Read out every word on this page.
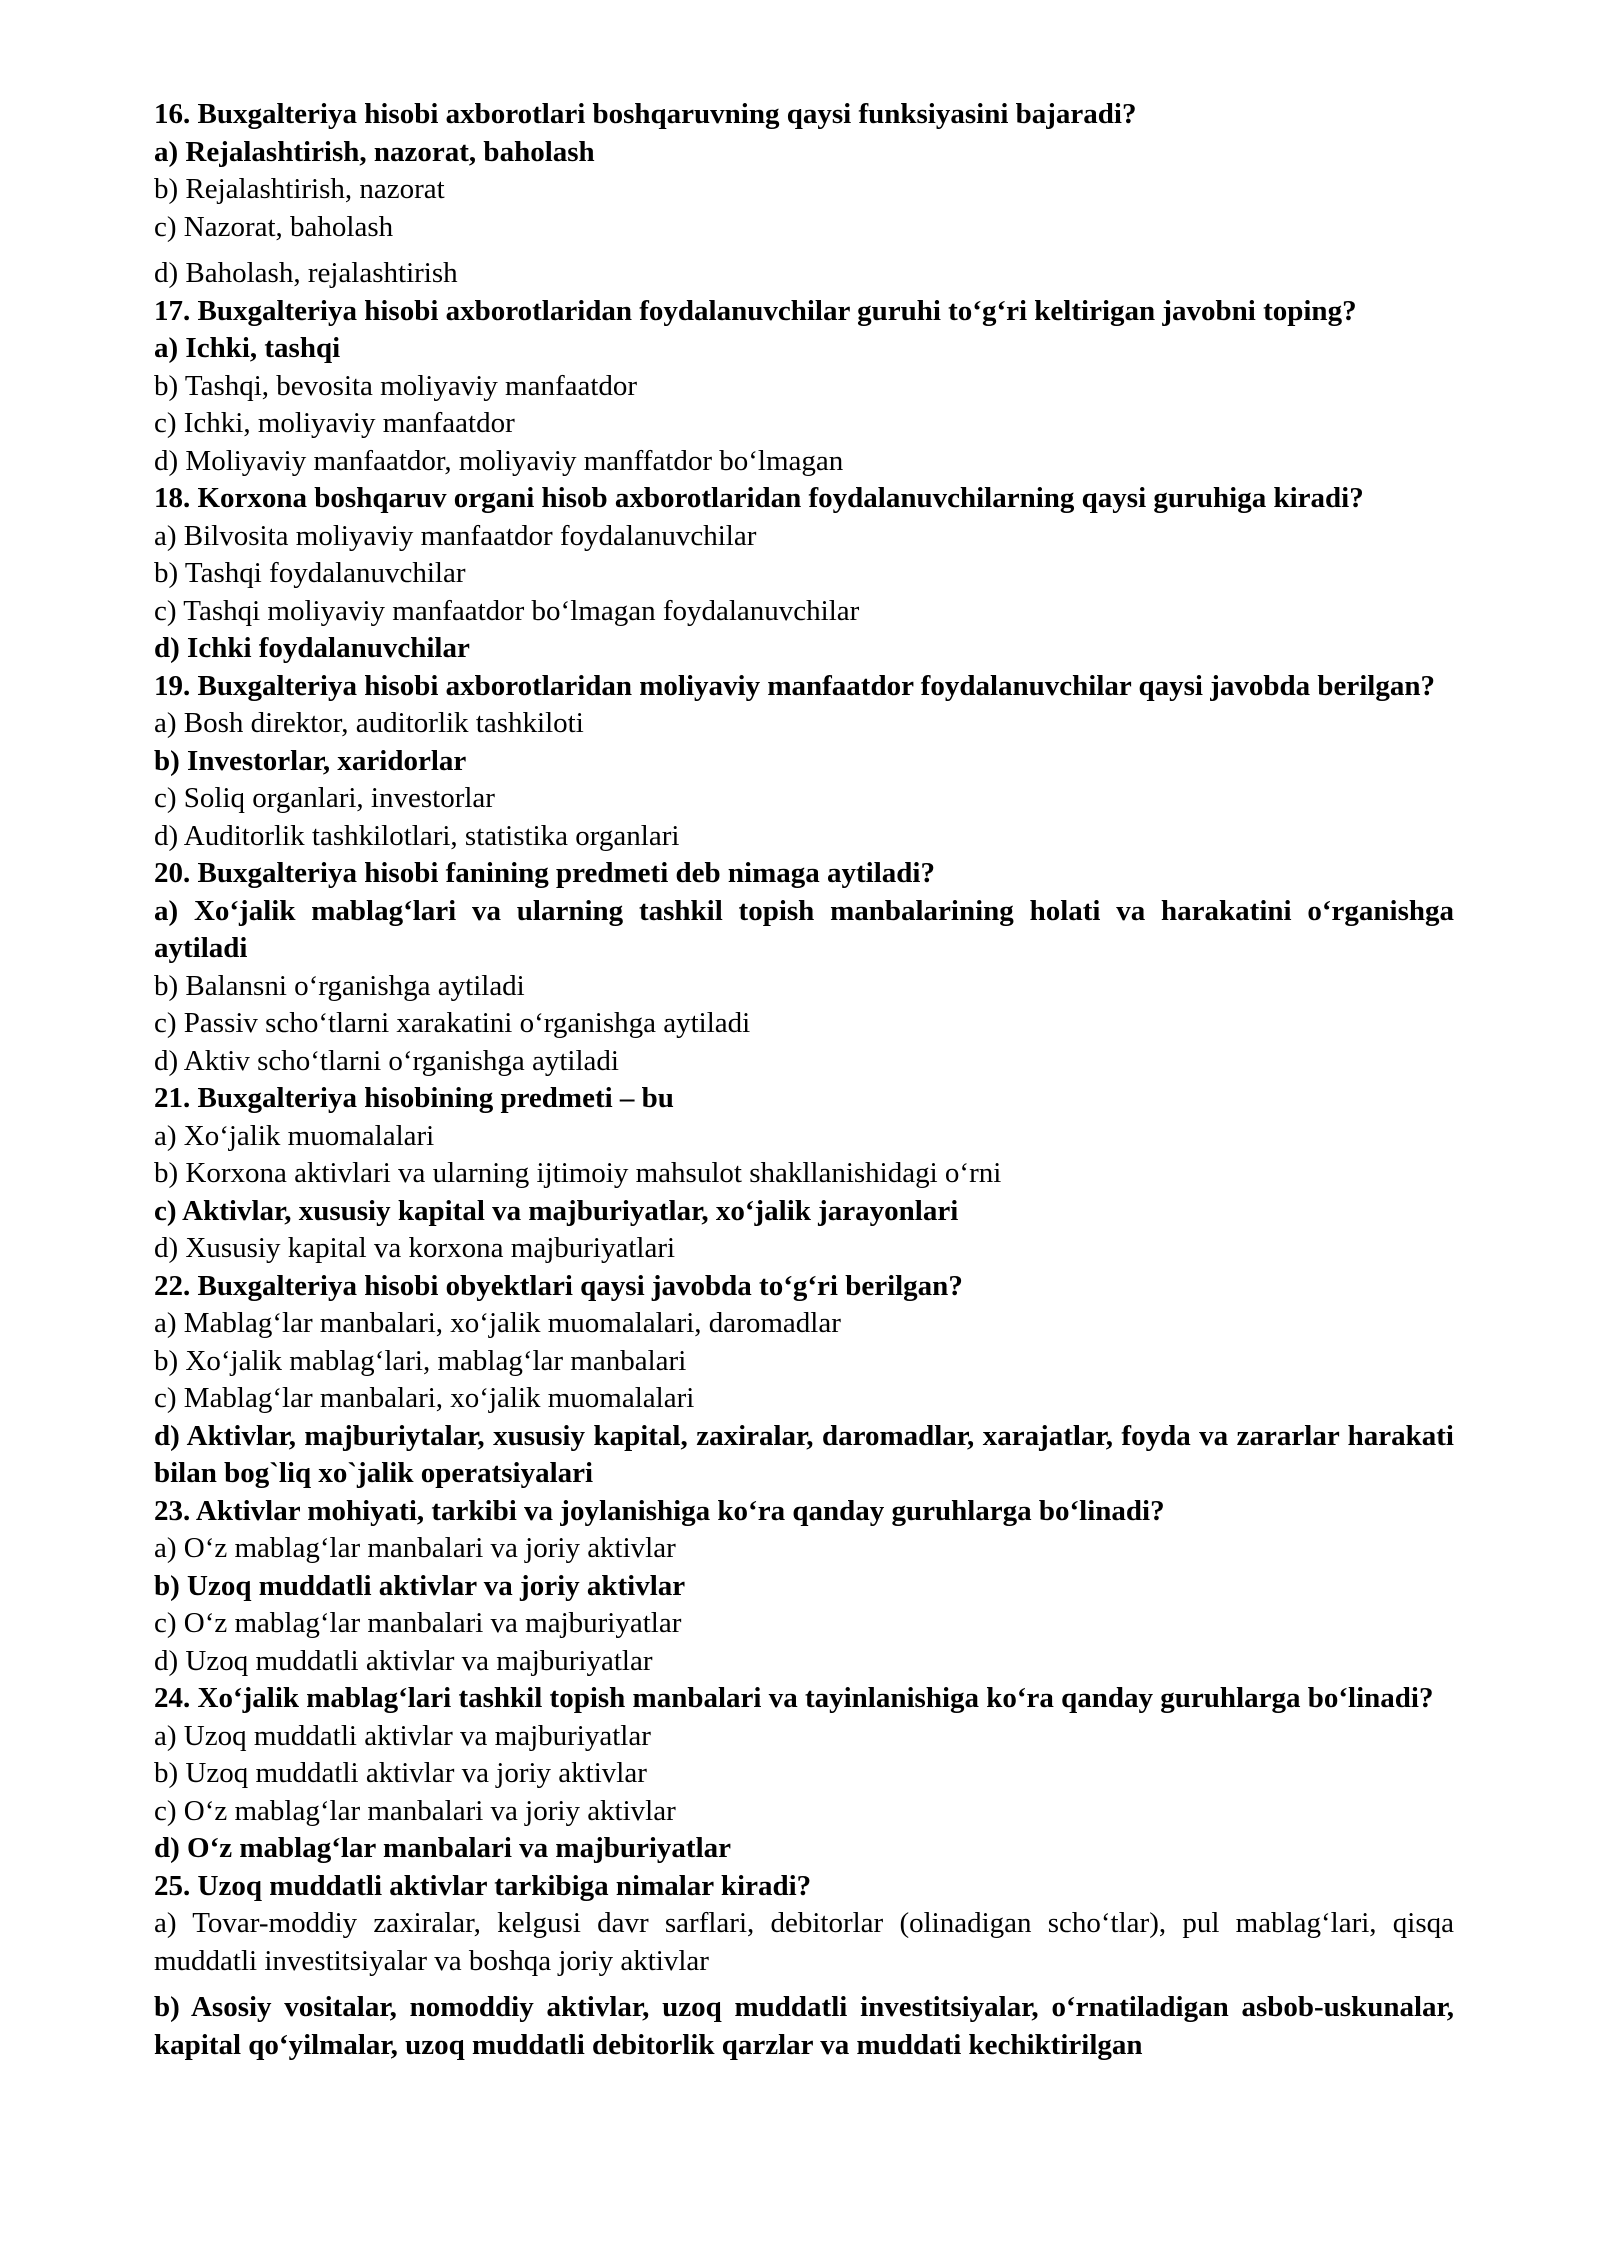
16. Buxgalteriya hisobi axborotlari boshqaruvning qaysi funksiyasini bajaradi?

a) Rejalashtirish, nazorat, baholash

b) Rejalashtirish, nazorat

c) Nazorat, baholash

d) Baholash, rejalashtirish

17. Buxgalteriya hisobi axborotlaridan foydalanuvchilar guruhi to‘g‘ri keltirigan javobni toping?

a) Ichki, tashqi

b) Tashqi, bevosita moliyaviy manfaatdor

c) Ichki, moliyaviy manfaatdor

d) Moliyaviy manfaatdor, moliyaviy manffatdor bo‘lmagan

18. Korxona boshqaruv organi hisob axborotlaridan foydalanuvchilarning qaysi guruhiga kiradi?

a) Bilvosita moliyaviy manfaatdor foydalanuvchilar

b) Tashqi foydalanuvchilar

c) Tashqi moliyaviy manfaatdor bo‘lmagan foydalanuvchilar

d) Ichki foydalanuvchilar

19. Buxgalteriya hisobi axborotlaridan moliyaviy manfaatdor foydalanuvchilar qaysi javobda berilgan?

a) Bosh direktor, auditorlik tashkiloti

b) Investorlar, xaridorlar

c) Soliq organlari, investorlar

d) Auditorlik tashkilotlari, statistika organlari

20. Buxgalteriya hisobi fanining predmeti deb nimaga aytiladi?

a) Xo‘jalik mablag‘lari va ularning tashkil topish manbalarining holati va harakatini o‘rganishga aytiladi

b) Balansni o‘rganishga aytiladi

c) Passiv scho‘tlarni xarakatini o‘rganishga aytiladi

d) Aktiv scho‘tlarni o‘rganishga aytiladi

21. Buxgalteriya hisobining predmeti – bu

a) Xo‘jalik muomalalari

b) Korxona aktivlari va ularning ijtimoiy mahsulot shakllanishidagi o‘rni

c) Aktivlar, xususiy kapital va majburiyatlar, xo‘jalik jarayonlari

d) Xususiy kapital va korxona majburiyatlari

22. Buxgalteriya hisobi obyektlari qaysi javobda to‘g‘ri berilgan?

a) Mablag‘lar manbalari, xo‘jalik muomalalari, daromadlar

b) Xo‘jalik mablag‘lari, mablag‘lar manbalari

c) Mablag‘lar manbalari, xo‘jalik muomalalari

d) Aktivlar, majburiytalar, xususiy kapital, zaxiralar, daromadlar, xarajatlar, foyda va zararlar harakati bilan bog`liq xo`jalik operatsiyalari

23. Aktivlar mohiyati, tarkibi va joylanishiga ko‘ra qanday guruhlarga bo‘linadi?

a) O‘z mablag‘lar manbalari va joriy aktivlar

b) Uzoq muddatli aktivlar va joriy aktivlar

c) O‘z mablag‘lar manbalari va majburiyatlar

d) Uzoq muddatli aktivlar va majburiyatlar

24. Xo‘jalik mablag‘lari tashkil topish manbalari va tayinlanishiga ko‘ra qanday guruhlarga bo‘linadi?

a) Uzoq muddatli aktivlar va majburiyatlar

b) Uzoq muddatli aktivlar va joriy aktivlar

c) O‘z mablag‘lar manbalari va joriy aktivlar

d) O‘z mablag‘lar manbalari va majburiyatlar

25. Uzoq muddatli aktivlar tarkibiga nimalar kiradi?

a) Tovar-moddiy zaxiralar, kelgusi davr sarflari, debitorlar (olinadigan scho‘tlar), pul mablag‘lari, qisqa muddatli investitsiyalar va boshqa joriy aktivlar

b) Asosiy vositalar, nomoddiy aktivlar, uzoq muddatli investitsiyalar, o‘rnatiladigan asbob-uskunalar, kapital qo‘yilmalar, uzoq muddatli debitorlik qarzlar va muddati kechiktirilgan
